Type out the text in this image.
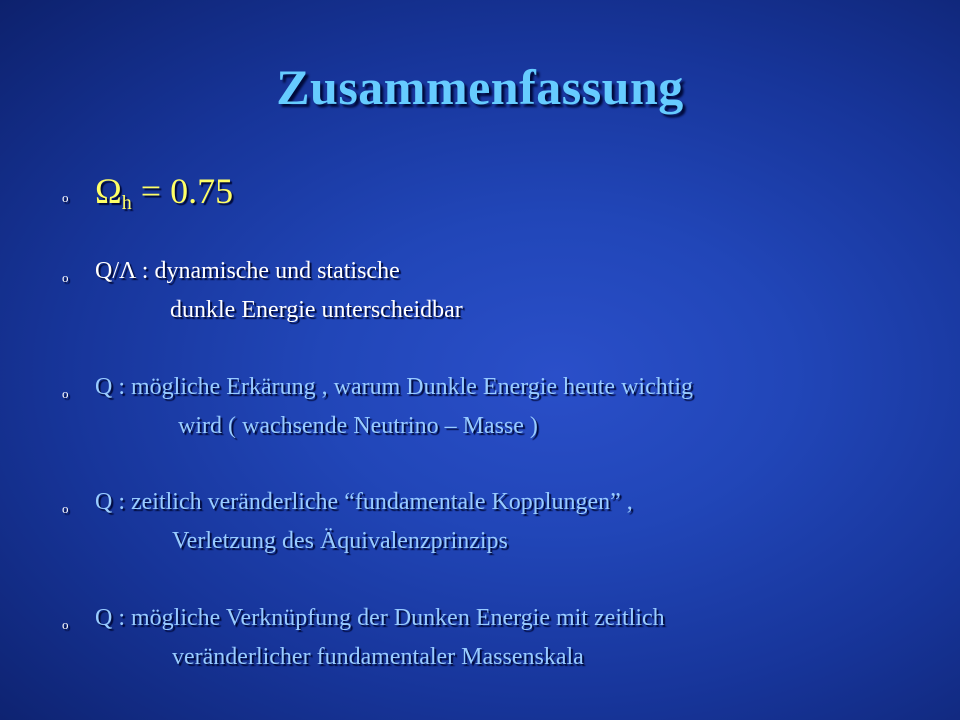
Zusammenfassung
o $\Omega_h = 0.75$
o Q/Λ : dynamische und statische
dunkle Energie unterscheidbar
o Q : mögliche Erkärung , warum Dunkle Energie heute wichtig
wird ( wachsende Neutrino – Masse )
o Q : zeitlich veränderliche “fundamentale Kopplungen” ,
Verletzung des Äquivalenzprinzips
o Q : mögliche Verknüpfung der Dunken Energie mit zeitlich
veränderlicher fundamentaler Massenskala
